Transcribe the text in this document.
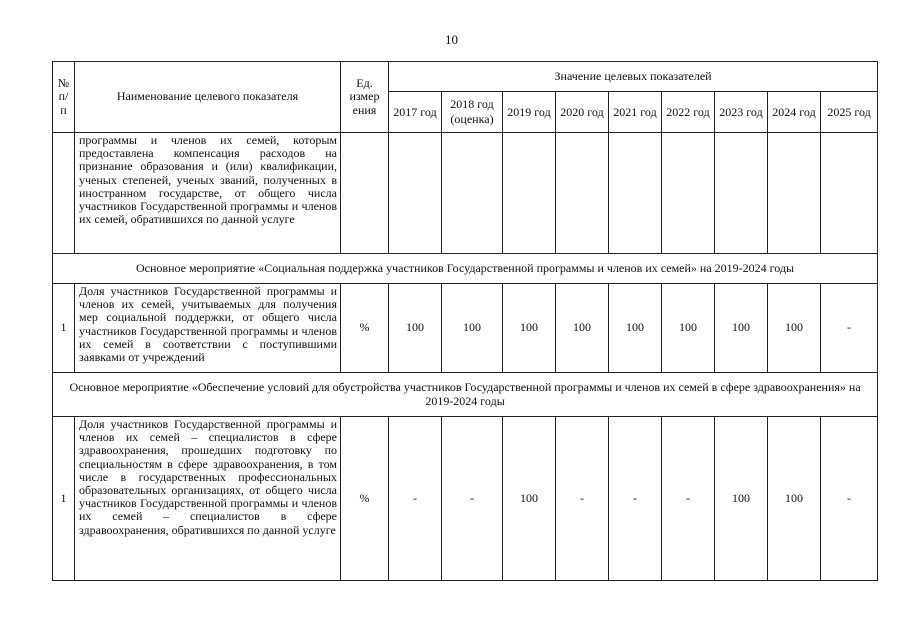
10
№ п/п	Наименование целевого показателя	Ед. измер ения	Значение целевых показателей								
			2017 год	2018 год (оценка)	2019 год	2020 год	2021 год	2022 год	2023 год	2024 год	2025 год
	программы и членов их семей, которым предоставлена компенсация расходов на признание образования и (или) квалификации, ученых степеней, ученых званий, полученных в иностранном государстве, от общего числа участников Государственной программы и членов их семей, обратившихся по данной услуге										
Основное мероприятие «Социальная поддержка участников Государственной программы и членов их семей» на 2019-2024 годы											
1	Доля участников Государственной программы и членов их семей, учитываемых для получения мер социальной поддержки, от общего числа участников Государственной программы и членов их семей в соответствии с поступившими заявками от учреждений	%	100	100	100	100	100	100	100	100	-
Основное мероприятие «Обеспечение условий для обустройства участников Государственной программы и членов их семей в сфере здравоохранения» на 2019-2024 годы											
1	Доля участников Государственной программы и членов их семей – специалистов в сфере здравоохранения, прошедших подготовку по специальностям в сфере здравоохранения, в том числе в государственных профессиональных образовательных организациях, от общего числа участников Государственной программы и членов их семей – специалистов в сфере здравоохранения, обратившихся по данной услуге	%	-	-	100	-	-	-	100	100	-
